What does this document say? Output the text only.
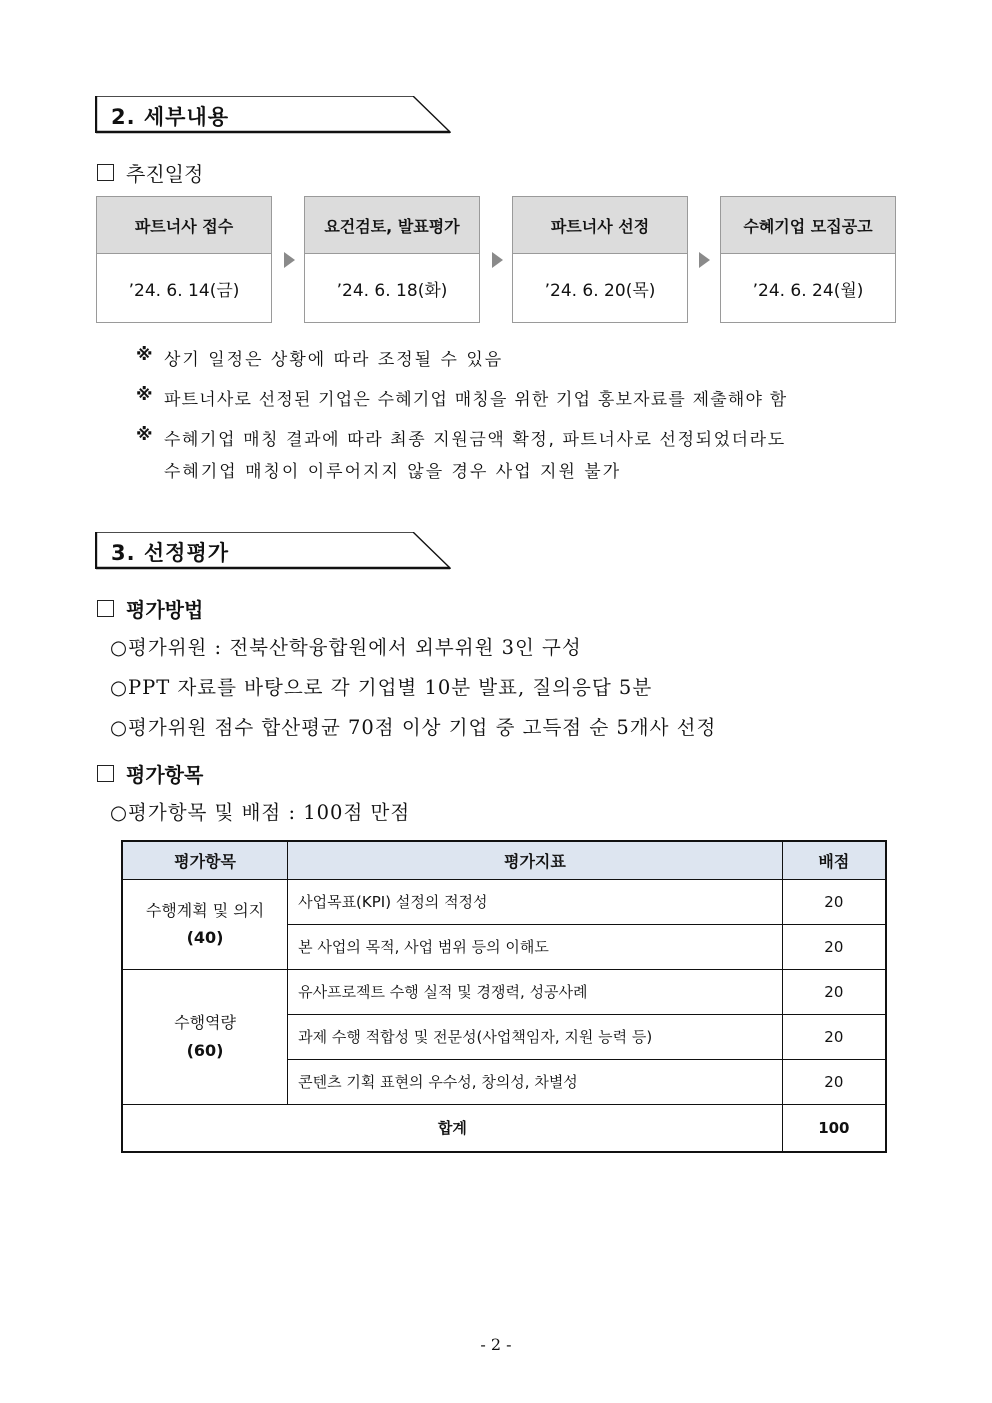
2. 세부내용
추진일정
파트너사 접수
’24. 6. 14(금)
요건검토, 발표평가
’24. 6. 18(화)
파트너사 선정
’24. 6. 20(목)
수혜기업 모집공고
’24. 6. 24(월)
※ 상기 일정은 상황에 따라 조정될 수 있음
※ 파트너사로 선정된 기업은 수혜기업 매칭을 위한 기업 홍보자료를 제출해야 함
※ 수혜기업 매칭 결과에 따라 최종 지원금액 확정, 파트너사로 선정되었더라도
수혜기업 매칭이 이루어지지 않을 경우 사업 지원 불가
3. 선정평가
평가방법
○평가위원 : 전북산학융합원에서 외부위원 3인 구성
○PPT 자료를 바탕으로 각 기업별 10분 발표, 질의응답 5분
○평가위원 점수 합산평균 70점 이상 기업 중 고득점 순 5개사 선정
평가항목
○평가항목 및 배점 : 100점 만점
평가항목	평가지표	배점

수행계획 및 의지
(40)	사업목표(KPI) 설정의 적정성	20
	본 사업의 목적, 사업 범위 등의 이해도	20

수행역량
(60)	유사프로젝트 수행 실적 및 경쟁력, 성공사례	20
	과제 수행 적합성 및 전문성(사업책임자, 지원 능력 등)	20
	콘텐츠 기획 표현의 우수성, 창의성, 차별성	20
합계		100
- 2 -
